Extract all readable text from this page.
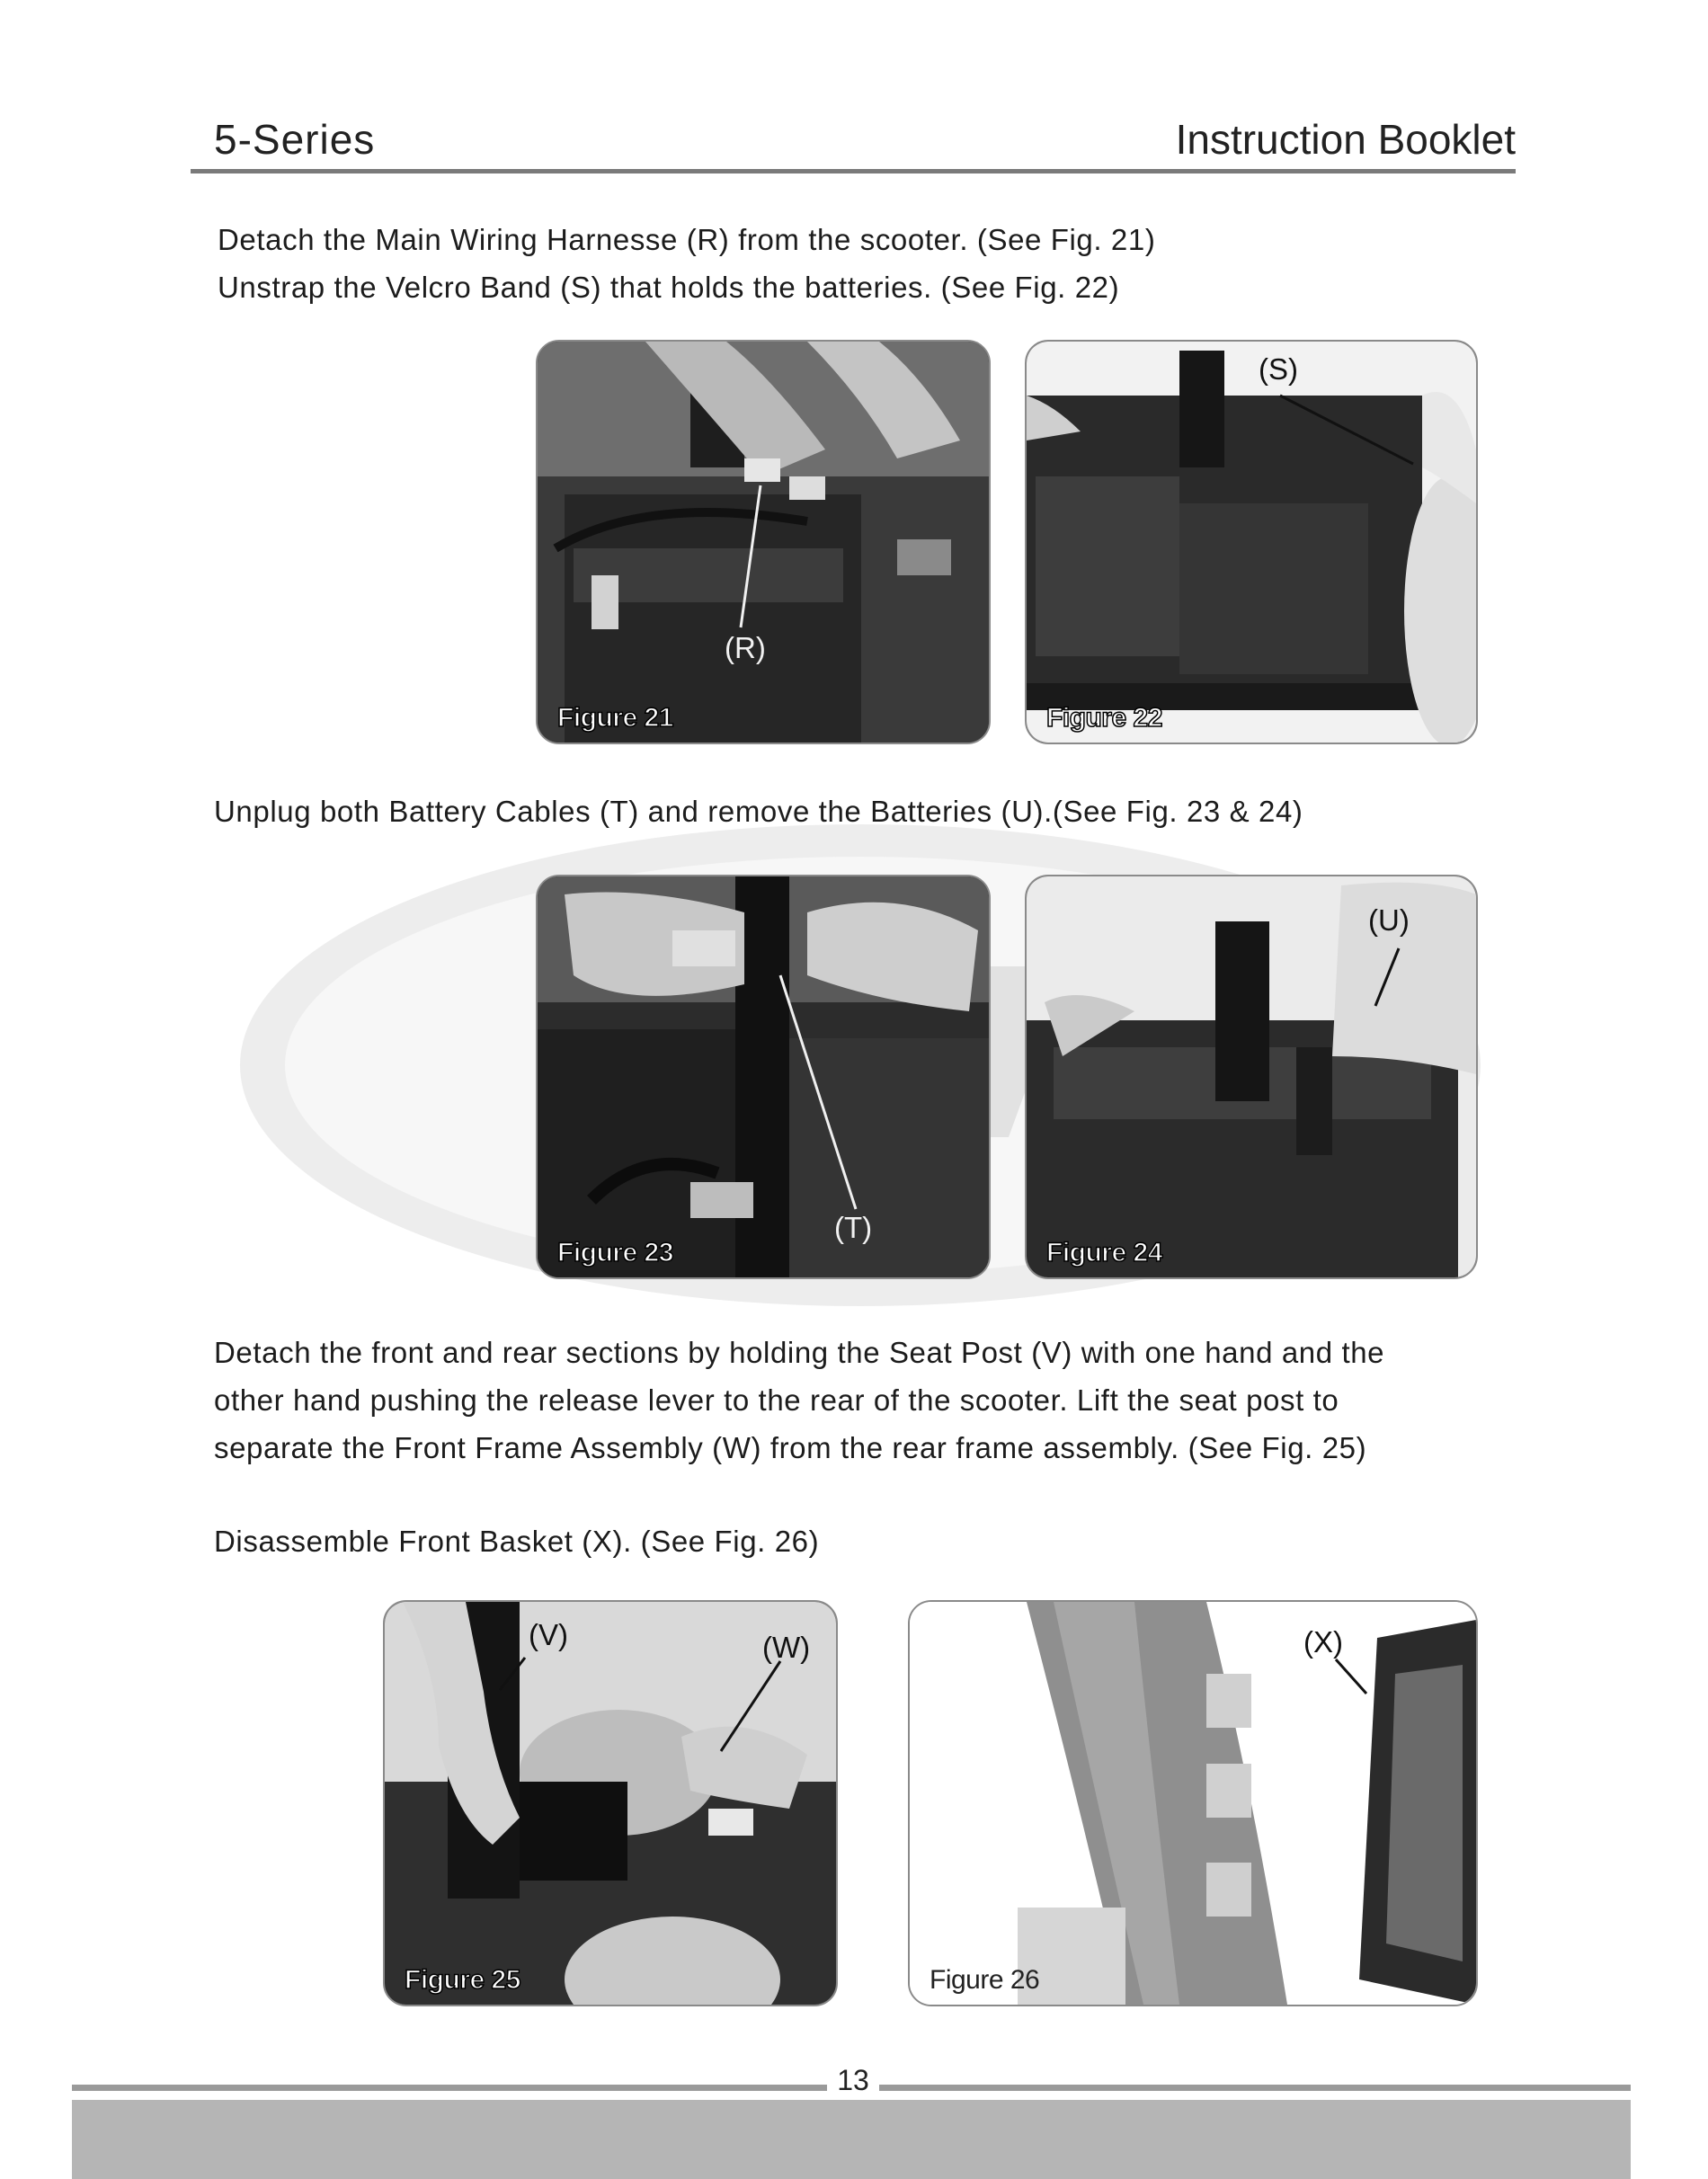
5-Series	Instruction Booklet
Detach the Main Wiring Harnesse (R) from the scooter. (See Fig. 21)
Unstrap the Velcro Band (S) that holds the batteries. (See Fig. 22)
(R)
Figure 21
(S)
Figure 22
Unplug both Battery Cables (T) and remove the Batteries (U).(See Fig. 23 & 24)
(T)
Figure 23
(U)
Figure 24
Detach the front and rear sections by holding the Seat Post (V) with one hand and the
other hand pushing the release lever to the rear of the scooter. Lift the seat post to
separate the Front Frame Assembly (W) from the rear frame assembly. (See Fig. 25)
Disassemble Front Basket (X). (See Fig. 26)
(V)	(W)
Figure 25
(X)
Figure 26
13
